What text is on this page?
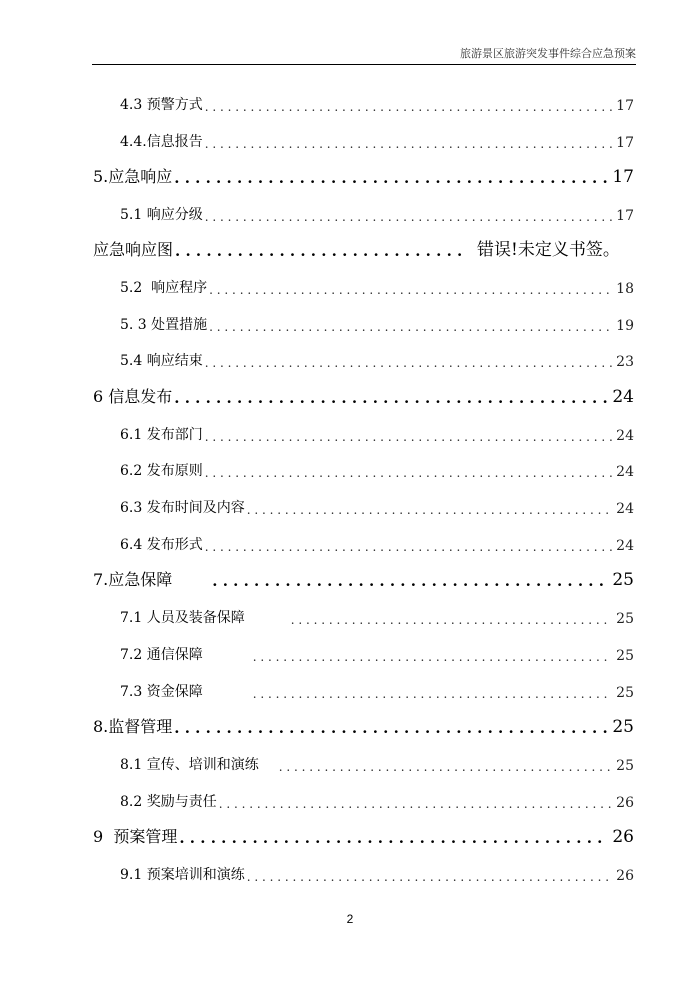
旅游景区旅游突发事件综合应急预案
4.3 预警方式 . . .	17
4.4.信息报告 . . .	17
5.应急响应 . . .	17
5.1 响应分级 . . .	17
应急响应图 . . .	错误!未定义书签。
5.2  响应程序 . . .	18
5. 3 处置措施 . . .	19
5.4 响应结束 . . .	23
6 信息发布 . . .	24
6.1 发布部门 . . .	24
6.2 发布原则 . . .	24
6.3 发布时间及内容 . . .	24
6.4 发布形式 . . .	24
7.应急保障 . . .	25
7.1 人员及装备保障 . . .	25
7.2 通信保障 . . .	25
7.3 资金保障 . . .	25
8.监督管理 . . .	25
8.1 宣传、培训和演练 . . .	25
8.2 奖励与责任 . . .	26
9  预案管理 . . .	26
9.1 预案培训和演练 . . .	26
2
